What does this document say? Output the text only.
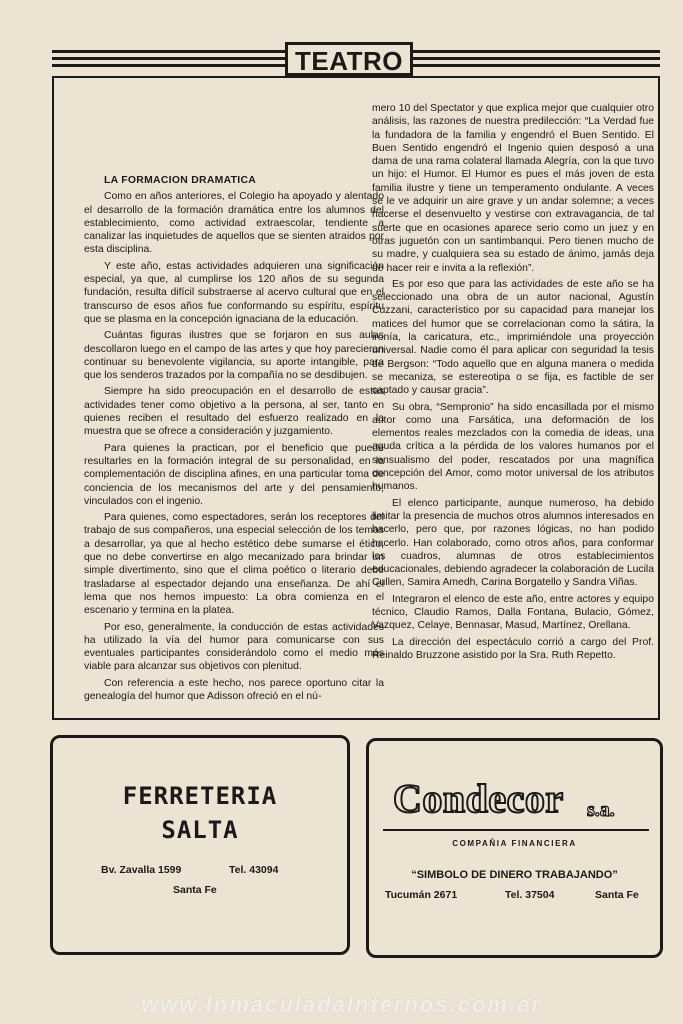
TEATRO

LA FORMACION DRAMATICA

Como en años anteriores, el Colegio ha apoyado y alentado el desarrollo de la formación dramática entre los alumnos del establecimiento, como actividad extraescolar, tendiente a canalizar las inquietudes de aquellos que se sienten atraidos por esta disciplina.

Y este año, estas actividades adquieren una significación especial, ya que, al cumplirse los 120 años de su segunda fundación, resulta difícil substraerse al acervo cultural que en el transcurso de esos años fue conformando su espíritu, espíritu que se plasma en la concepción ignaciana de la educación.

Cuántas figuras ilustres que se forjaron en sus aulas descollaron luego en el campo de las artes y que hoy parecieran continuar su benevolente vigilancia, su aporte intangible, para que los senderos trazados por la compañía no se desdibujen.

Siempre ha sido preocupación en el desarrollo de estas actividades tener como objetivo a la persona, al ser, tanto en quienes reciben el resultado del esfuerzo realizado en la muestra que se ofrece a consideración y juzgamiento.

Para quienes la practican, por el beneficio que puede resultarles en la formación integral de su personalidad, en la complementación de disciplina afines, en una particular toma de conciencia de los mecanismos del arte y del pensamiento, vinculados con el ingenio.

Para quienes, como espectadores, serán los receptores del trabajo de sus compañeros, una especial selección de los temas a desarrollar, ya que al hecho estético debe sumarse el ético, que no debe convertirse en algo mecanizado para brindar un simple divertimento, sino que el clima poético o literario debe trasladarse al espectador dejando una enseñanza. De ahí el lema que nos hemos impuesto: La obra comienza en el escenario y termina en la platea.

Por eso, generalmente, la conducción de estas actividades ha utilizado la vía del humor para comunicarse con sus eventuales participantes considerándolo como el medio más viable para alcanzar sus objetivos con plenitud.

Con referencia a este hecho, nos parece oportuno citar la genealogía del humor que Adisson ofreció en el nú-

mero 10 del Spectator y que explica mejor que cualquier otro análisis, las razones de nuestra predilección: “La Verdad fue la fundadora de la familia y engendró el Buen Sentido. El Buen Sentido engendró el Ingenio quien desposó a una dama de una rama colateral llamada Alegría, con la que tuvo un hijo: el Humor. El Humor es pues el más joven de esta familia ilustre y tiene un temperamento ondulante. A veces se le ve adquirir un aire grave y un andar solemne; a veces hacerse el desenvuelto y vestirse con extravagancia, de tal suerte que en ocasiones aparece serio como un juez y en otras juguetón con un santimbanqui. Pero tienen mucho de su madre, y cualquiera sea su estado de ánimo, jamás deja de hacer reir e invita a la reflexión”.

Es por eso que para las actividades de este año se ha seleccionado una obra de un autor nacional, Agustín Cuzzani, característico por su capacidad para manejar los matices del humor que se correlacionan como la sátira, la ironía, la caricatura, etc., imprimiéndole una proyección universal. Nadie como él para aplicar con seguridad la tesis de Bergson: “Todo aquello que en alguna manera o medida se mecaniza, se estereotipa o se fija, es factible de ser captado y causar gracia”.

Su obra, “Sempronio” ha sido encasillada por el mismo autor como una Farsática, una deformación de los elementos reales mezclados con la comedia de ideas, una aguda crítica a la pérdida de los valores humanos por el sensualismo del poder, rescatados por una magnífica concepción del Amor, como motor universal de los atributos humanos.

El elenco participante, aunque numeroso, ha debido limitar la presencia de muchos otros alumnos interesados en hacerlo, pero que, por razones lógicas, no han podido hacerlo. Han colaborado, como otros años, para conformar los cuadros, alumnas de otros establecimientos educacionales, debiendo agradecer la colaboración de Lucila Cullen, Samira Amedh, Carina Borgatello y Sandra Viñas.

Integraron el elenco de este año, entre actores y equipo técnico, Claudio Ramos, Dalla Fontana, Bulacio, Gómez, Vazquez, Celaye, Bennasar, Masud, Martínez, Orellana.

La dirección del espectáculo corrió a cargo del Prof. Reinaldo Bruzzone asistido por la Sra. Ruth Repetto.

FERRETERIA
SALTA
Bv. Zavalla 1599	Tel. 43094
Santa Fe
Condecor s.a.
COMPAÑIA FINANCIERA
“SIMBOLO DE DINERO TRABAJANDO”
Tucumán 2671	Tel. 37504	Santa Fe
www.InmaculadaInternos.com.ar
